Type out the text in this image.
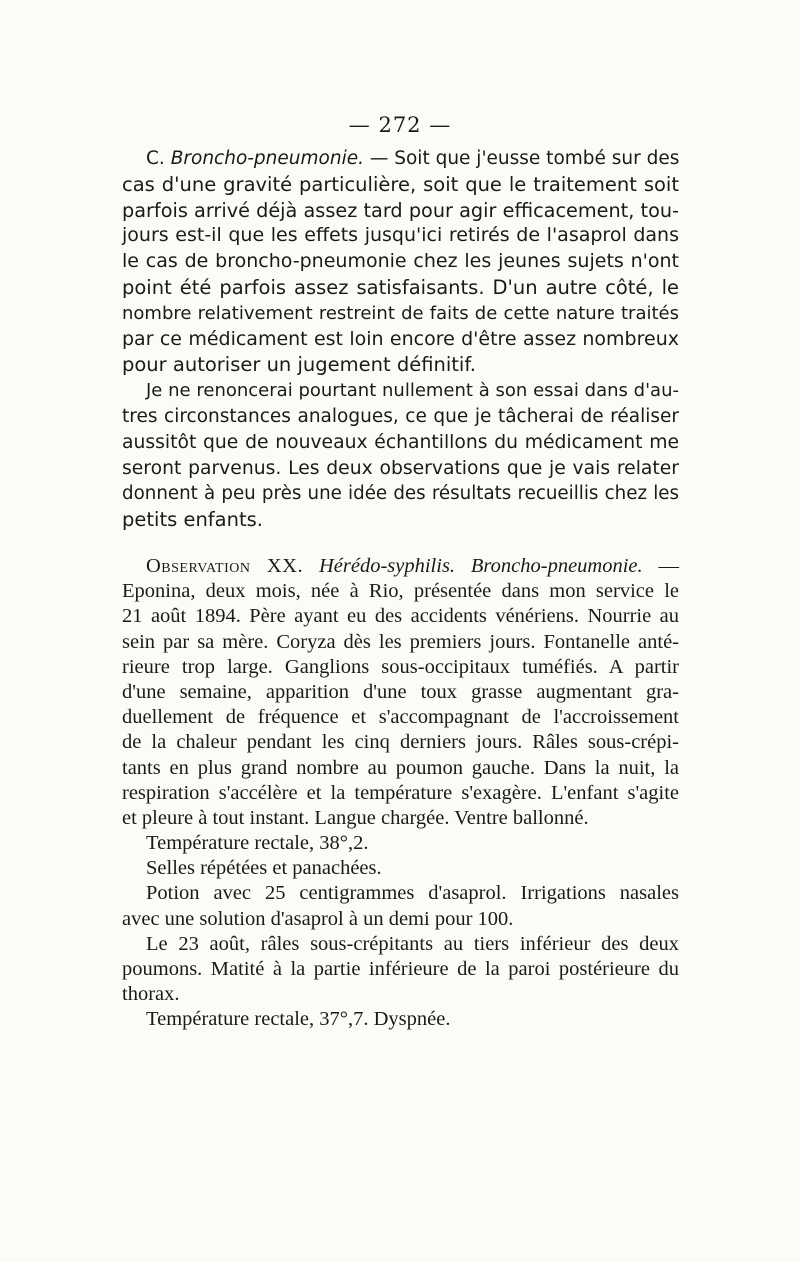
— 272 —
C. Broncho-pneumonie. — Soit que j'eusse tombé sur des
cas d'une gravité particulière, soit que le traitement soit
parfois arrivé déjà assez tard pour agir efficacement, tou-
jours est-il que les effets jusqu'ici retirés de l'asaprol dans
le cas de broncho-pneumonie chez les jeunes sujets n'ont
point été parfois assez satisfaisants. D'un autre côté, le
nombre relativement restreint de faits de cette nature traités
par ce médicament est loin encore d'être assez nombreux
pour autoriser un jugement définitif.
Je ne renoncerai pourtant nullement à son essai dans d'au-
tres circonstances analogues, ce que je tâcherai de réaliser
aussitôt que de nouveaux échantillons du médicament me
seront parvenus. Les deux observations que je vais relater
donnent à peu près une idée des résultats recueillis chez les
petits enfants.
Observation XX. Hérédo-syphilis. Broncho-pneumonie. —
Eponina, deux mois, née à Rio, présentée dans mon service le
21 août 1894. Père ayant eu des accidents vénériens. Nourrie au
sein par sa mère. Coryza dès les premiers jours. Fontanelle anté-
rieure trop large. Ganglions sous-occipitaux tuméfiés. A partir
d'une semaine, apparition d'une toux grasse augmentant gra-
duellement de fréquence et s'accompagnant de l'accroissement
de la chaleur pendant les cinq derniers jours. Râles sous-crépi-
tants en plus grand nombre au poumon gauche. Dans la nuit, la
respiration s'accélère et la température s'exagère. L'enfant s'agite
et pleure à tout instant. Langue chargée. Ventre ballonné.
Température rectale, 38°,2.
Selles répétées et panachées.
Potion avec 25 centigrammes d'asaprol. Irrigations nasales
avec une solution d'asaprol à un demi pour 100.
Le 23 août, râles sous-crépitants au tiers inférieur des deux
poumons. Matité à la partie inférieure de la paroi postérieure du
thorax.
Température rectale, 37°,7. Dyspnée.
